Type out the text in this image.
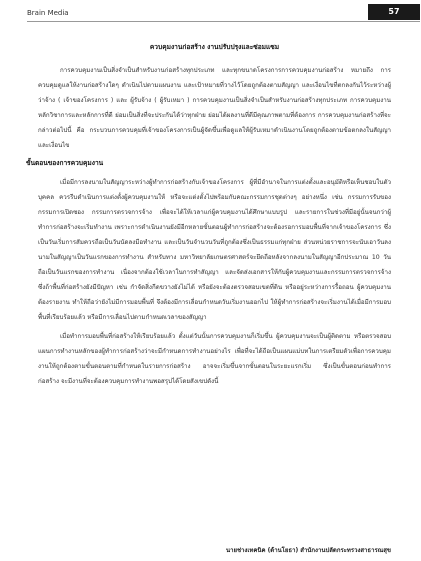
Brain Media	57
ควบคุมงานก่อสร้าง งานปรับปรุงและซ่อมแซม

การควบคุมงานเป็นสิ่งจำเป็นสำหรับงานก่อสร้างทุกประเภท และทุกขนาดโครงการการควบคุมงานก่อสร้าง หมายถึง การควบคุมดูแลให้งานก่อสร้างใดๆ ดำเนินไปตามแผนงาน และเป้าหมายที่วางไว้โดยถูกต้องตามสัญญา และเงื่อนไขที่ตกลงกันไว้ระหว่างผู้ว่าจ้าง ( เจ้าของโครงการ ) และ ผู้รับจ้าง ( ผู้รับเหมา ) การควบคุมงานเป็นสิ่งจำเป็นสำหรับงานก่อสร้างทุกประเภท การควบคุมงานหลักวิชาการและหลักการที่ดี ย่อมเป็นสิ่งที่จะประกันได้ว่าทุกฝ่าย ย่อมได้ผลงานที่ดีมีคุณภาพตามที่ต้องการ การควบคุมงานก่อสร้างที่จะกล่าวต่อไปนี้ คือ กระบวนการควบคุมที่เจ้าของโครงการเป็นผู้จัดขึ้นเพื่อดูแลให้ผู้รับเหมาดำเนินงานโดยถูกต้องตามข้อตกลงในสัญญาและเงื่อนไข

ขั้นตอนของการควบคุมงาน

เมื่อมีการลงนามในสัญญาระหว่างผู้ทำการก่อสร้างกับเจ้าของโครงการ ผู้ที่มีอำนาจในการแต่งตั้งและอนุมัติหรือเห็นชอบในตัวบุคคล ควรรีบดำเนินการแต่งตั้งผู้ควบคุมงานให้ หรือจะแต่งตั้งไปพร้อมกับคณะกรรมการชุดต่างๆ อย่างหนึ่ง เช่น กรรมการรับของ กรรมการเปิดซอง กรรมการตรวจการจ้าง เพื่อจะได้ให้เวลาแก่ผู้ควบคุมงานได้ศึกษาแบบรูป และรายการในช่วงที่มีอยู่นั้นจนกว่าผู้ทำการก่อสร้างจะเริ่มทำงาน เพราะการดำเนินงานยังมีอีกหลายขั้นตอนผู้ทำการก่อสร้างจะต้องรอการมอบพื้นที่จากเจ้าของโครงการ ซึ่งเป็นวันเริ่มการสัมควรถือเป็นวันนัดลงมือทำงาน และเป็นวันจำนวนวันที่ถูกต้องซึ่งเป็นธรรมแก่ทุกฝ่าย ส่วนหน่วยราชการจะนับเอาวันลงนามในสัญญาเป็นวันแรกของการทำงาน สำหรับทาง มหาวิทยาลัยเกษตรศาสตร์จะยึดถือหลังจากลงนามในสัญญาอีกประมาณ 10 วัน ถือเป็นวันแรกของการทำงาน เนื่องจากต้องใช้เวลาในการทำสัญญา และจัดส่งเอกสารให้กับผู้ควบคุมงานและกรรมการตรวจการจ้าง ซึ่งถ้าพื้นที่ก่อสร้างยังมีปัญหา เช่น กำจัดสิ่งกีดขวางยังไม่ได้ หรือยังจะต้องตรวจสอบเขตที่ดิน หรืออยู่ระหว่างการรื้อถอน ผู้ควบคุมงานต้องรายงาน ทำให้ถือว่ายังไม่มีการมอบพื้นที่ จึงต้องมีการเลื่อนกำหนดวันเริ่มงานออกไป ให้ผู้ทำการก่อสร้างจะเริ่มงานได้เมื่อมีการมอบพื้นที่เรียบร้อยแล้ว หรือมีการเลื่อนไปตามกำหนดเวลาของสัญญา

เมื่อทำการมอบพื้นที่ก่อสร้างให้เรียบร้อยแล้ว ตั้งแต่วันนั้นการควบคุมงานก็เริ่มขึ้น ผู้ควบคุมงานจะเป็นผู้ติดตาม หรือตรวจสอบแผนการทำงานหลักของผู้ทำการก่อสร้างว่าจะมีกำหนดการทำงานอย่างไร เพื่อที่จะได้ถือเป็นแผนแม่บทในการเตรียมตัวเพื่อการควบคุมงานให้ถูกต้องตามขั้นตอนตามที่กำหนดในรายการก่อสร้าง อาจจะเริ่มขึ้นจากขั้นตอนในระยะแรกเริ่ม ซึ่งเป็นขั้นตอนก่อนทำการก่อสร้าง จะมีงานที่จะต้องควบคุมการทำงานพอสรุปได้โดยสังเขปดังนี้

นายช่างเทคนิค (ด้านโยธา) สำนักงานปลัดกระทรวงสาธารณสุข
